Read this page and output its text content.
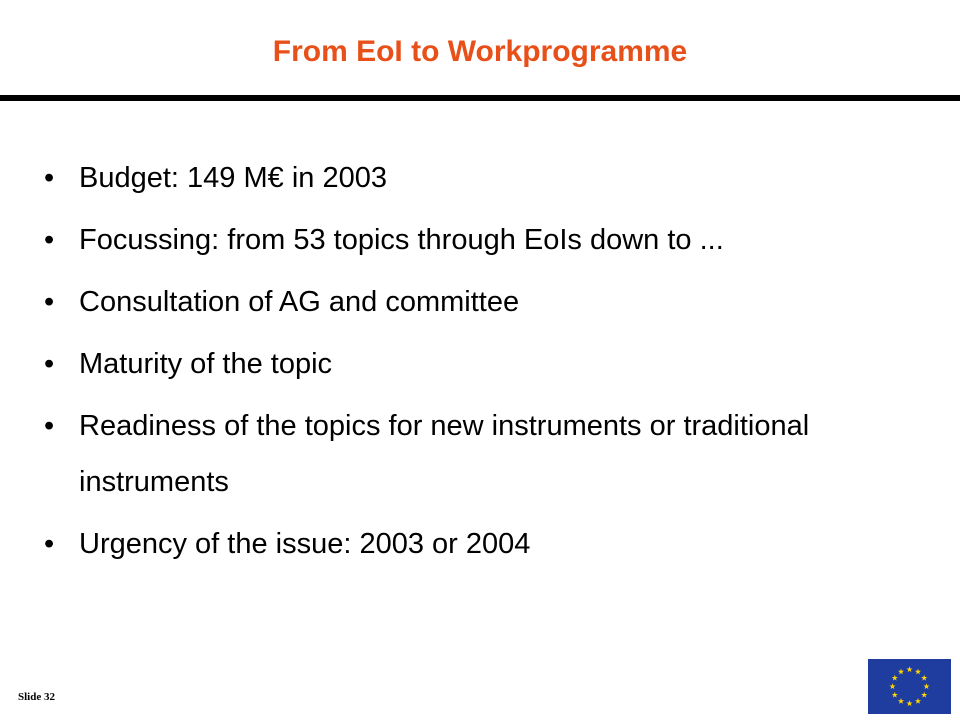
From EoI to Workprogramme
• Budget: 149 M€ in 2003
• Focussing: from 53 topics through EoIs down to ...
• Consultation of AG and committee
• Maturity of the topic
• Readiness of the topics for new instruments or traditional instruments
• Urgency of the issue: 2003 or 2004
Slide 32
